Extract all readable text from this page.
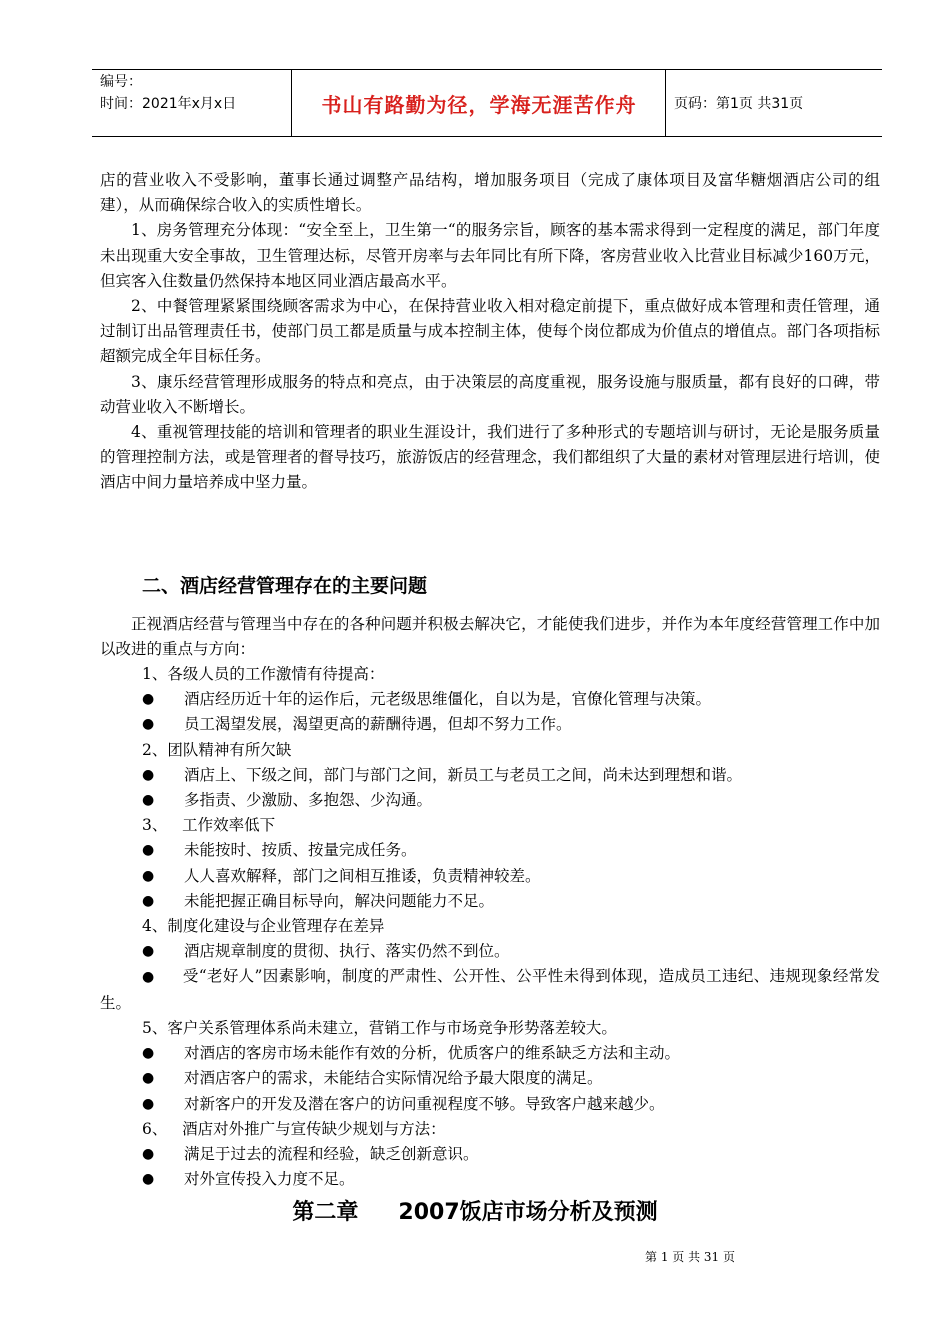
编号：
时间：2021年x月x日	书山有路勤为径，学海无涯苦作舟	页码：第1页 共31页

店的营业收入不受影响，董事长通过调整产品结构，增加服务项目（完成了康体项目及富华糖烟酒店公司的组建），从而确保综合收入的实质性增长。

1、房务管理充分体现：“安全至上，卫生第一“的服务宗旨，顾客的基本需求得到一定程度的满足，部门年度未出现重大安全事故，卫生管理达标，尽管开房率与去年同比有所下降，客房营业收入比营业目标减少160万元，但宾客入住数量仍然保持本地区同业酒店最高水平。

2、中餐管理紧紧围绕顾客需求为中心，在保持营业收入相对稳定前提下，重点做好成本管理和责任管理，通过制订出品管理责任书，使部门员工都是质量与成本控制主体，使每个岗位都成为价值点的增值点。部门各项指标超额完成全年目标任务。

3、康乐经营管理形成服务的特点和亮点，由于决策层的高度重视，服务设施与服质量，都有良好的口碑，带动营业收入不断增长。

4、重视管理技能的培训和管理者的职业生涯设计，我们进行了多种形式的专题培训与研讨，无论是服务质量的管理控制方法，或是管理者的督导技巧，旅游饭店的经营理念，我们都组织了大量的素材对管理层进行培训，使酒店中间力量培养成中坚力量。

二、酒店经营管理存在的主要问题

正视酒店经营与管理当中存在的各种问题并积极去解决它，才能使我们进步，并作为本年度经营管理工作中加以改进的重点与方向：

1、各级人员的工作激情有待提高：

●	酒店经历近十年的运作后，元老级思维僵化，自以为是，官僚化管理与决策。
●	员工渴望发展，渴望更高的薪酬待遇，但却不努力工作。

2、团队精神有所欠缺

●	酒店上、下级之间，部门与部门之间，新员工与老员工之间，尚未达到理想和谐。
●	多指责、少激励、多抱怨、少沟通。

3、   工作效率低下

●	未能按时、按质、按量完成任务。
●	人人喜欢解释，部门之间相互推诿，负责精神较差。
●	未能把握正确目标导向，解决问题能力不足。

4、制度化建设与企业管理存在差异

●	酒店规章制度的贯彻、执行、落实仍然不到位。

● 受“老好人”因素影响，制度的严肃性、公开性、公平性未得到体现，造成员工违纪、违规现象经常发生。

5、客户关系管理体系尚未建立，营销工作与市场竞争形势落差较大。

●	对酒店的客房市场未能作有效的分析，优质客户的维系缺乏方法和主动。
●	对酒店客户的需求，未能结合实际情况给予最大限度的满足。
●	对新客户的开发及潜在客户的访问重视程度不够。导致客户越来越少。

6、   酒店对外推广与宣传缺少规划与方法：

●	满足于过去的流程和经验，缺乏创新意识。
●	对外宣传投入力度不足。
第二章 2007饭店市场分析及预测
第 1 页 共 31 页
